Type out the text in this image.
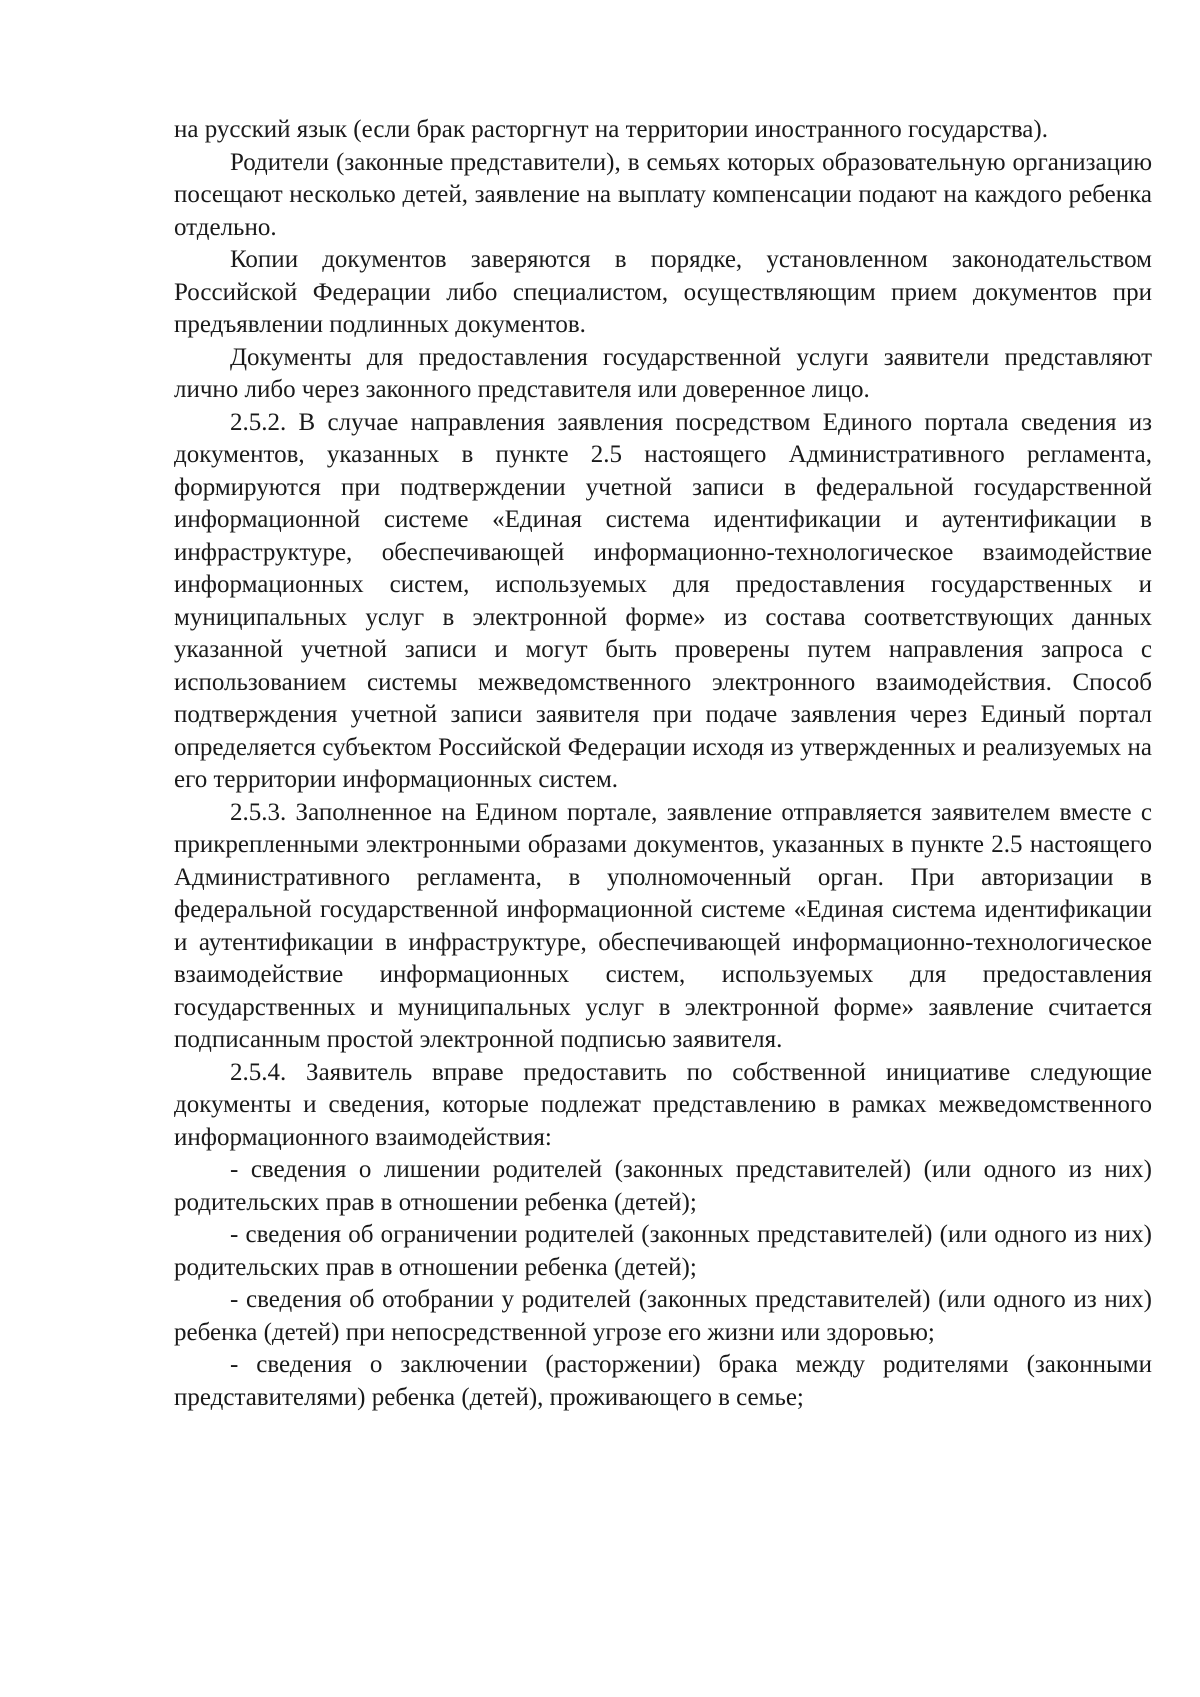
на русский язык (если брак расторгнут на территории иностранного государства).

Родители (законные представители), в семьях которых образовательную организацию посещают несколько детей, заявление на выплату компенсации подают на каждого ребенка отдельно.

Копии документов заверяются в порядке, установленном законодательством Российской Федерации либо специалистом, осуществляющим прием документов при предъявлении подлинных документов.

Документы для предоставления государственной услуги заявители представляют лично либо через законного представителя или доверенное лицо.

2.5.2. В случае направления заявления посредством Единого портала сведения из документов, указанных в пункте 2.5 настоящего Административного регламента, формируются при подтверждении учетной записи в федеральной государственной информационной системе «Единая система идентификации и аутентификации в инфраструктуре, обеспечивающей информационно-технологическое взаимодействие информационных систем, используемых для предоставления государственных и муниципальных услуг в электронной форме» из состава соответствующих данных указанной учетной записи и могут быть проверены путем направления запроса с использованием системы межведомственного электронного взаимодействия. Способ подтверждения учетной записи заявителя при подаче заявления через Единый портал определяется субъектом Российской Федерации исходя из утвержденных и реализуемых на его территории информационных систем.

2.5.3. Заполненное на Едином портале, заявление отправляется заявителем вместе с прикрепленными электронными образами документов, указанных в пункте 2.5 настоящего Административного регламента, в уполномоченный орган. При авторизации в федеральной государственной информационной системе «Единая система идентификации и аутентификации в инфраструктуре, обеспечивающей информационно-технологическое взаимодействие информационных систем, используемых для предоставления государственных и муниципальных услуг в электронной форме» заявление считается подписанным простой электронной подписью заявителя.

2.5.4. Заявитель вправе предоставить по собственной инициативе следующие документы и сведения, которые подлежат представлению в рамках межведомственного информационного взаимодействия:

- сведения о лишении родителей (законных представителей) (или одного из них) родительских прав в отношении ребенка (детей);

- сведения об ограничении родителей (законных представителей) (или одного из них) родительских прав в отношении ребенка (детей);

- сведения об отобрании у родителей (законных представителей) (или одного из них) ребенка (детей) при непосредственной угрозе его жизни или здоровью;

- сведения о заключении (расторжении) брака между родителями (законными представителями) ребенка (детей), проживающего в семье;
